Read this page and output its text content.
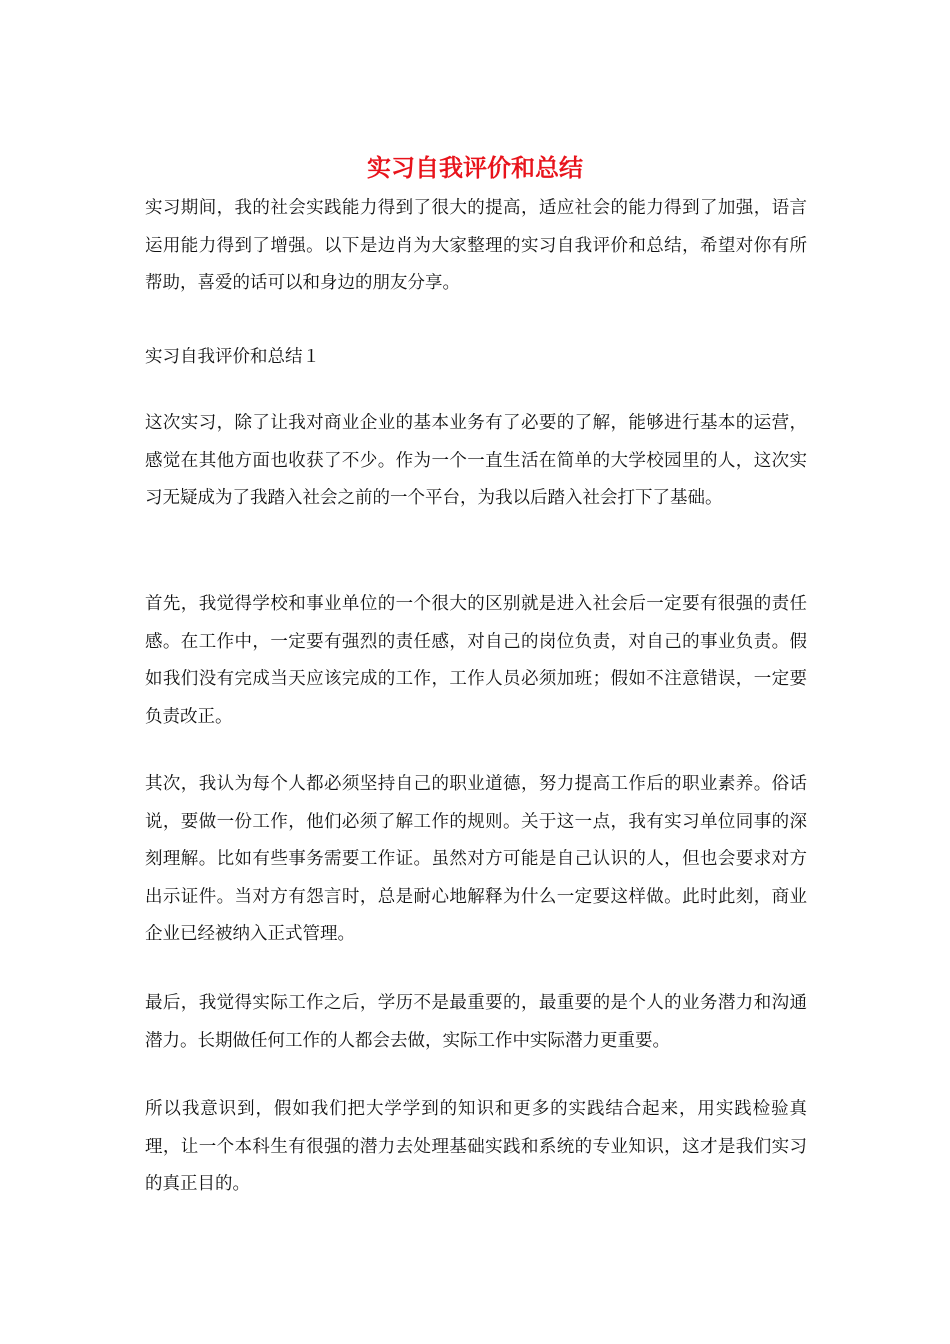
实习自我评价和总结

实习期间，我的社会实践能力得到了很大的提高，适应社会的能力得到了加强，语言运用能力得到了增强。以下是边肖为大家整理的实习自我评价和总结，希望对你有所帮助，喜爱的话可以和身边的朋友分享。

实习自我评价和总结１

这次实习，除了让我对商业企业的基本业务有了必要的了解，能够进行基本的运营，感觉在其他方面也收获了不少。作为一个一直生活在简单的大学校园里的人，这次实习无疑成为了我踏入社会之前的一个平台，为我以后踏入社会打下了基础。

首先，我觉得学校和事业单位的一个很大的区别就是进入社会后一定要有很强的责任感。在工作中，一定要有强烈的责任感，对自己的岗位负责，对自己的事业负责。假如我们没有完成当天应该完成的工作，工作人员必须加班；假如不注意错误，一定要负责改正。

其次，我认为每个人都必须坚持自己的职业道德，努力提高工作后的职业素养。俗话说，要做一份工作，他们必须了解工作的规则。关于这一点，我有实习单位同事的深刻理解。比如有些事务需要工作证。虽然对方可能是自己认识的人，但也会要求对方出示证件。当对方有怨言时，总是耐心地解释为什么一定要这样做。此时此刻，商业企业已经被纳入正式管理。

最后，我觉得实际工作之后，学历不是最重要的，最重要的是个人的业务潜力和沟通潜力。长期做任何工作的人都会去做，实际工作中实际潜力更重要。

所以我意识到，假如我们把大学学到的知识和更多的实践结合起来，用实践检验真理，让一个本科生有很强的潜力去处理基础实践和系统的专业知识，这才是我们实习的真正目的。
